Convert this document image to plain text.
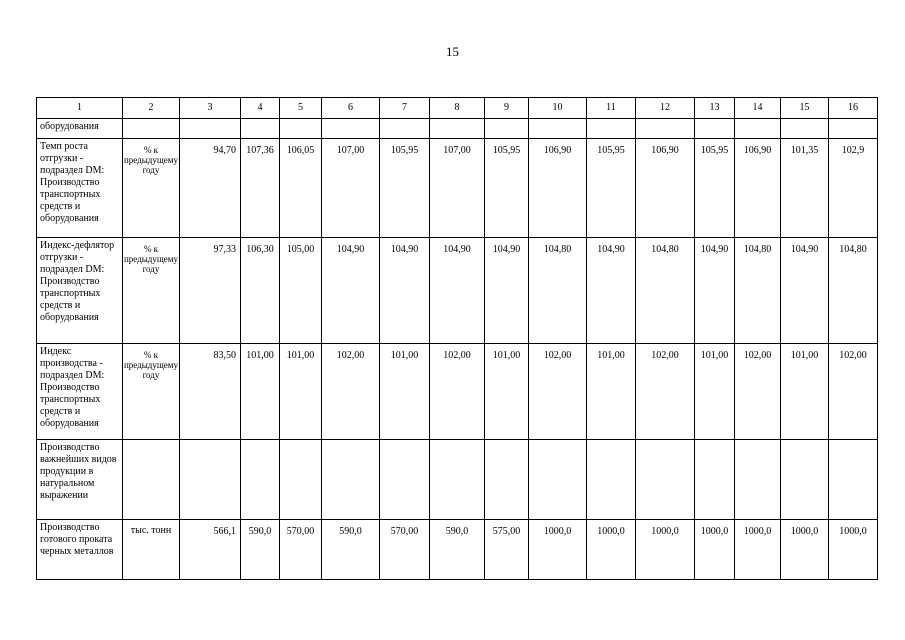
15
1	2	3	4	5	6	7	8	9	10	11	12	13	14	15	16
оборудования															
Темп роста отгрузки - подраздел DM: Производство транспортных средств и оборудования	% к предыдущему году	94,70	107,36	106,05	107,00	105,95	107,00	105,95	106,90	105,95	106,90	105,95	106,90	101,35	102,9
Индекс-дефлятор отгрузки - подраздел DM: Производство транспортных средств и оборудования	% к предыдущему году	97,33	106,30	105,00	104,90	104,90	104,90	104,90	104,80	104,90	104,80	104,90	104,80	104,90	104,80
Индекс производства - подраздел DM: Производство транспортных средств и оборудования	% к предыдущему году	83,50	101,00	101,00	102,00	101,00	102,00	101,00	102,00	101,00	102,00	101,00	102,00	101,00	102,00
Производство важнейших видов продукции в натуральном выражении															
Производство готового проката черных металлов	тыс. тонн	566,1	590,0	570,00	590,0	570,00	590,0	575,00	1000,0	1000,0	1000,0	1000,0	1000,0	1000,0	1000,0
